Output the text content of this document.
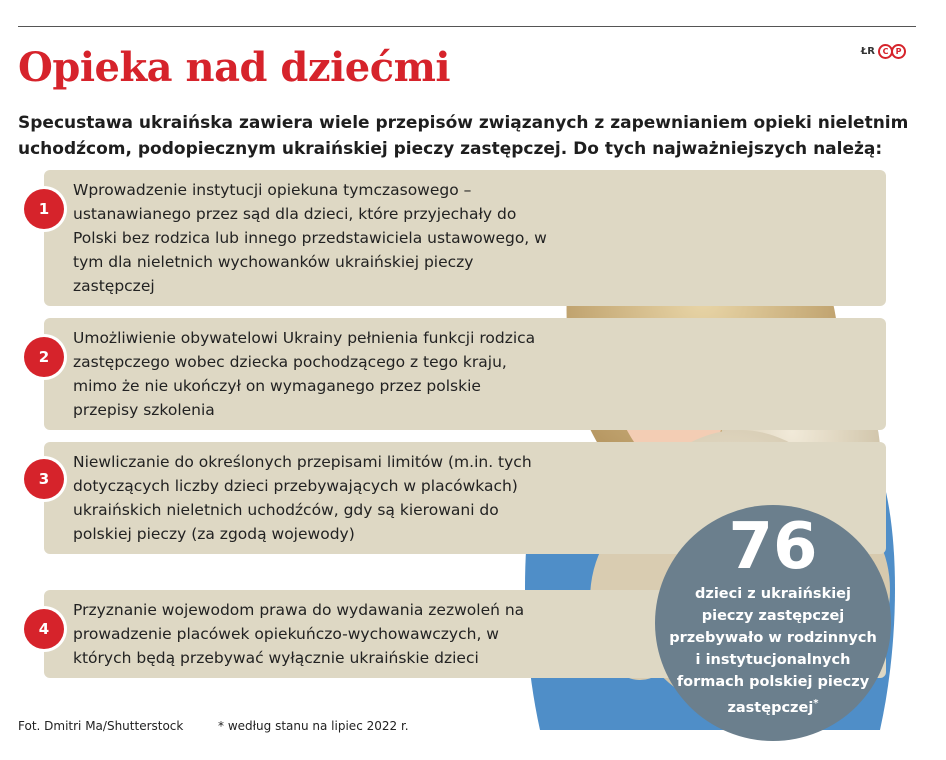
Opieka nad dziećmi	ŁR C P

Specustawa ukraińska zawiera wiele przepisów związanych z zapewnianiem opieki nieletnim uchodźcom, podopiecznym ukraińskiej pieczy zastępczej. Do tych najważniejszych należą:

1

Wprowadzenie instytucji opiekuna tymczasowego – ustanawianego przez sąd dla dzieci, które przyjechały do Polski bez rodzica lub innego przedstawiciela ustawowego, w tym dla nieletnich wychowanków ukraińskiej pieczy zastępczej

2

Umożliwienie obywatelowi Ukrainy pełnienia funkcji rodzica zastępczego wobec dziecka pochodzącego z tego kraju, mimo że nie ukończył on wymaganego przez polskie przepisy szkolenia

3

Niewliczanie do określonych przepisami limitów (m.in. tych dotyczących liczby dzieci przebywających w placówkach) ukraińskich nieletnich uchodźców, gdy są kierowani do polskiej pieczy (za zgodą wojewody)

4

Przyznanie wojewodom prawa do wydawania zezwoleń na prowadzenie placówek opiekuńczo-wychowawczych, w których będą przebywać wyłącznie ukraińskie dzieci

76
dzieci z ukraińskiej pieczy zastępczej przebywało w rodzinnych i instytucjonalnych formach polskiej pieczy zastępczej*
Fot. Dmitri Ma/Shutterstock	* według stanu na lipiec 2022 r.
